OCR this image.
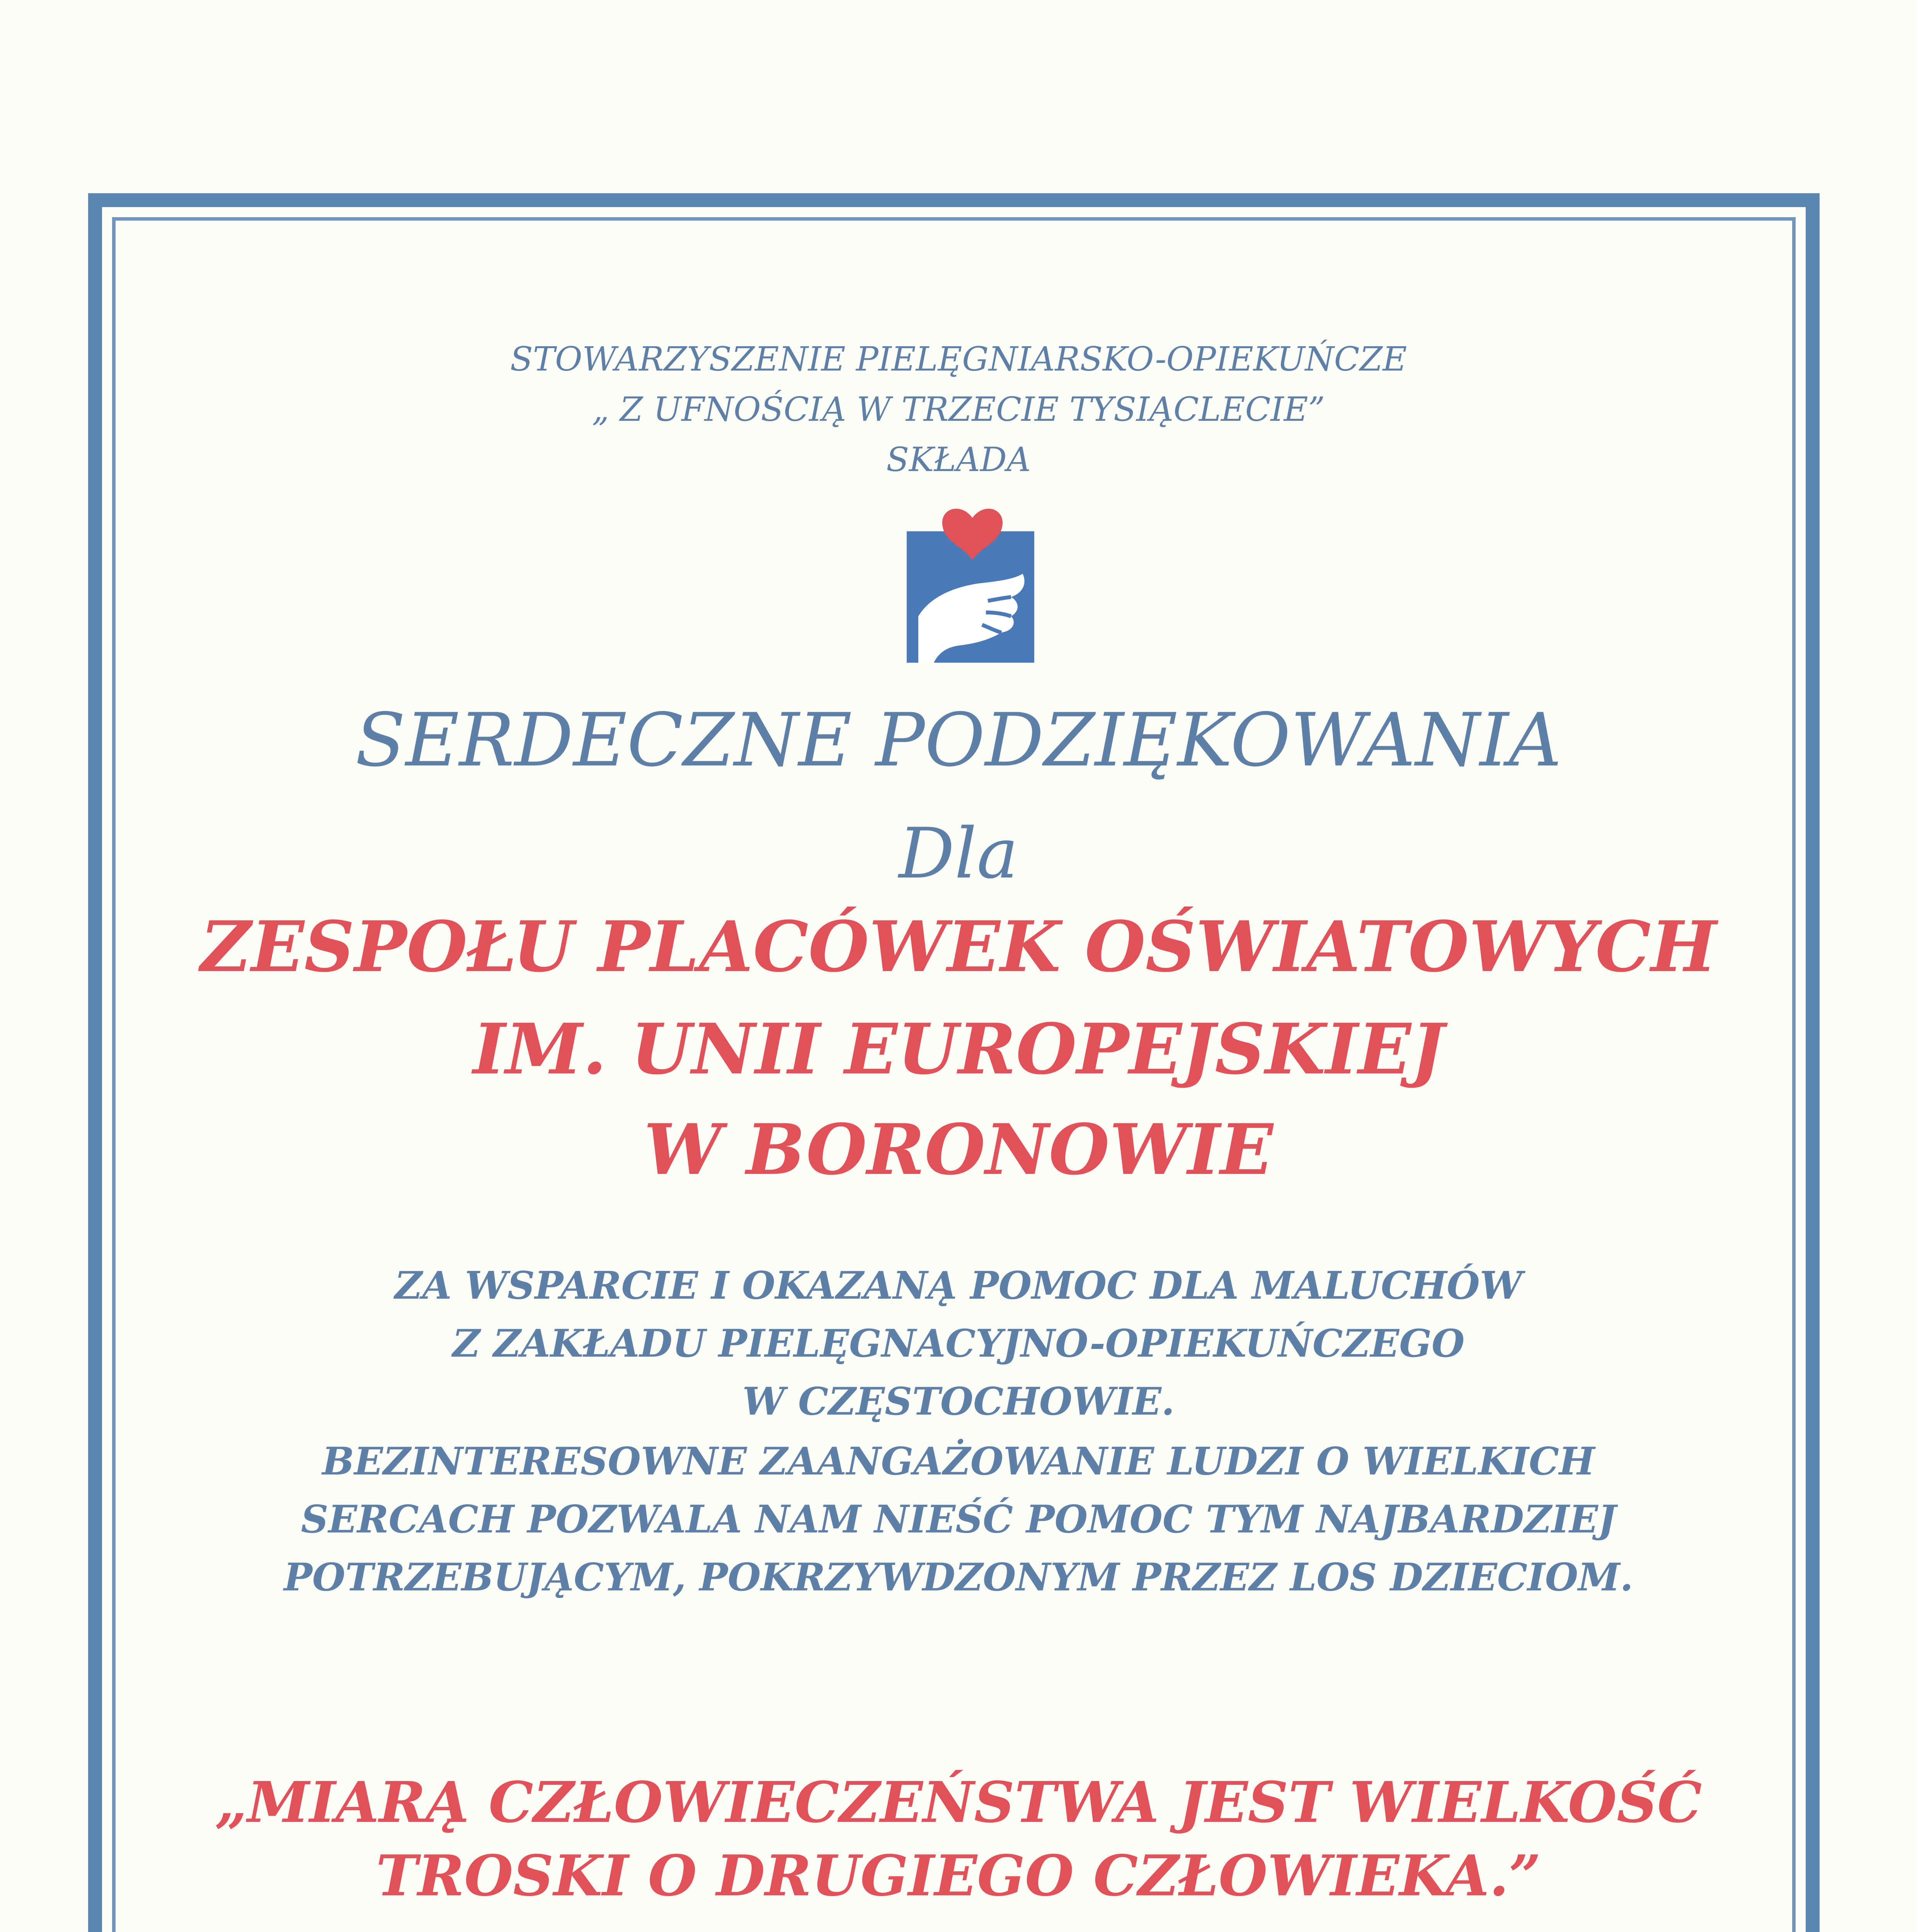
STOWARZYSZENIE PIELĘGNIARSKO-OPIEKUŃCZE
„ Z UFNOŚCIĄ W TRZECIE TYSIĄCLECIE”
SKŁADA
SERDECZNE PODZIĘKOWANIA
Dla
ZESPOŁU PLACÓWEK OŚWIATOWYCH
IM. UNII EUROPEJSKIEJ
W BORONOWIE
ZA WSPARCIE I OKAZANĄ POMOC DLA MALUCHÓW
Z ZAKŁADU PIELĘGNACYJNO-OPIEKUŃCZEGO
W CZĘSTOCHOWIE.
BEZINTERESOWNE ZAANGAŻOWANIE LUDZI O WIELKICH
SERCACH POZWALA NAM NIEŚĆ POMOC TYM NAJBARDZIEJ
POTRZEBUJĄCYM, POKRZYWDZONYM PRZEZ LOS DZIECIOM.
„MIARĄ CZŁOWIECZEŃSTWA JEST WIELKOŚĆ
TROSKI O DRUGIEGO CZŁOWIEKA.”
